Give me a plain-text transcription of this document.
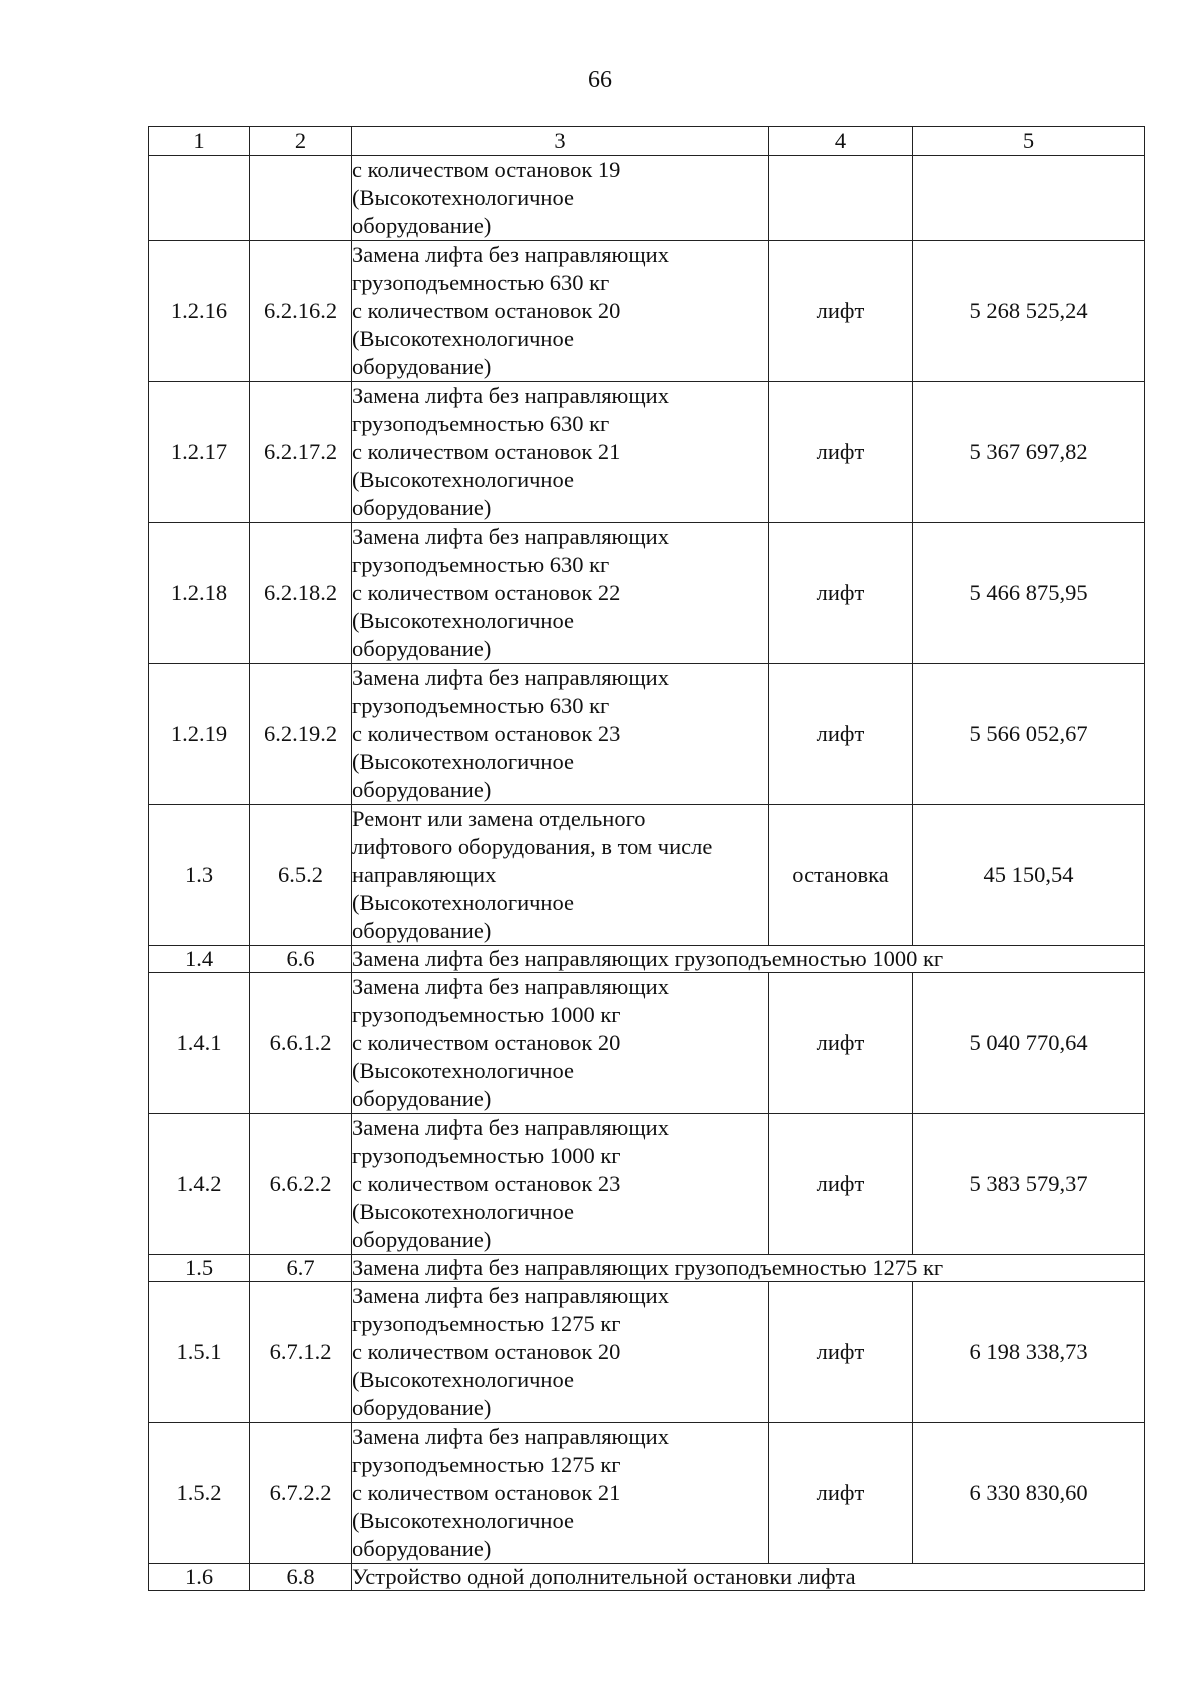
66
1	2	3	4	5

		с количеством остановок 19
(Высокотехнологичное
оборудование)		

1.2.16	6.2.16.2	Замена лифта без направляющих
грузоподъемностью 630 кг
с количеством остановок 20
(Высокотехнологичное
оборудование)	лифт	5 268 525,24
1.2.17	6.2.17.2	Замена лифта без направляющих
грузоподъемностью 630 кг
с количеством остановок 21
(Высокотехнологичное
оборудование)	лифт	5 367 697,82
1.2.18	6.2.18.2	Замена лифта без направляющих
грузоподъемностью 630 кг
с количеством остановок 22
(Высокотехнологичное
оборудование)	лифт	5 466 875,95
1.2.19	6.2.19.2	Замена лифта без направляющих
грузоподъемностью 630 кг
с количеством остановок 23
(Высокотехнологичное
оборудование)	лифт	5 566 052,67
1.3	6.5.2	Ремонт или замена отдельного
лифтового оборудования, в том числе
направляющих
(Высокотехнологичное
оборудование)	остановка	45 150,54
1.4	6.6	Замена лифта без направляющих грузоподъемностью 1000 кг		
1.4.1	6.6.1.2	Замена лифта без направляющих
грузоподъемностью 1000 кг
с количеством остановок 20
(Высокотехнологичное
оборудование)	лифт	5 040 770,64
1.4.2	6.6.2.2	Замена лифта без направляющих
грузоподъемностью 1000 кг
с количеством остановок 23
(Высокотехнологичное
оборудование)	лифт	5 383 579,37
1.5	6.7	Замена лифта без направляющих грузоподъемностью 1275 кг		
1.5.1	6.7.1.2	Замена лифта без направляющих
грузоподъемностью 1275 кг
с количеством остановок 20
(Высокотехнологичное
оборудование)	лифт	6 198 338,73
1.5.2	6.7.2.2	Замена лифта без направляющих
грузоподъемностью 1275 кг
с количеством остановок 21
(Высокотехнологичное
оборудование)	лифт	6 330 830,60
1.6	6.8	Устройство одной дополнительной остановки лифта		
